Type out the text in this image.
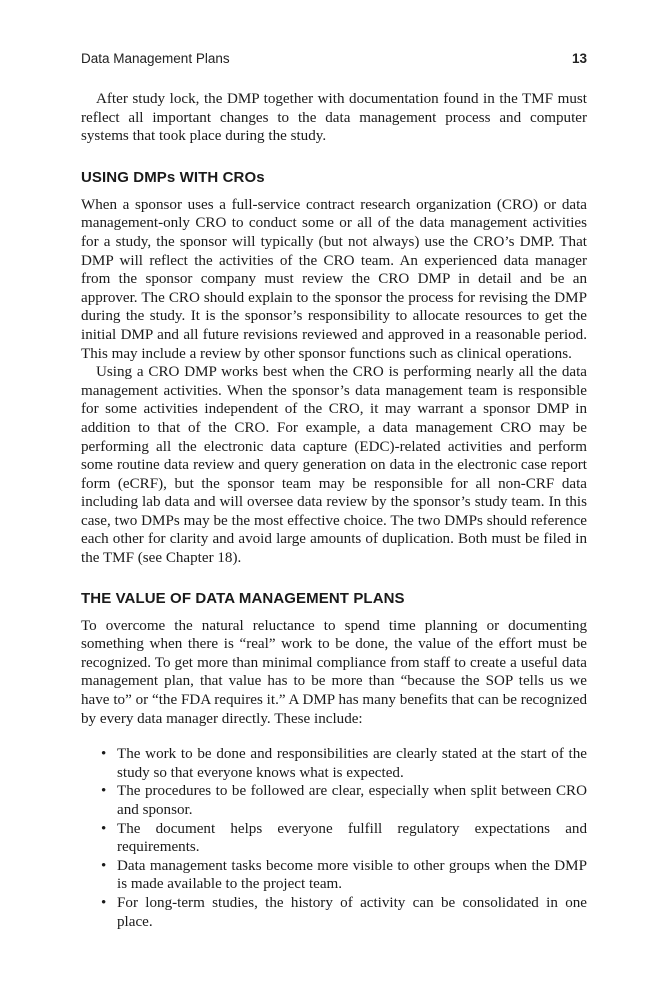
Data Management Plans	13

After study lock, the DMP together with documentation found in the TMF must reflect all important changes to the data management process and computer systems that took place during the study.

USING DMPs WITH CROs

When a sponsor uses a full-service contract research organization (CRO) or data management-only CRO to conduct some or all of the data management activities for a study, the sponsor will typically (but not always) use the CRO’s DMP. That DMP will reflect the activities of the CRO team. An experienced data manager from the sponsor company must review the CRO DMP in detail and be an approver. The CRO should explain to the sponsor the process for revising the DMP during the study. It is the sponsor’s responsibility to allocate resources to get the initial DMP and all future revisions reviewed and approved in a reasonable period. This may include a review by other sponsor functions such as clinical operations.

Using a CRO DMP works best when the CRO is performing nearly all the data management activities. When the sponsor’s data management team is responsible for some activities independent of the CRO, it may warrant a sponsor DMP in addition to that of the CRO. For example, a data management CRO may be performing all the electronic data capture (EDC)-related activities and perform some routine data review and query generation on data in the electronic case report form (eCRF), but the sponsor team may be responsible for all non-CRF data including lab data and will oversee data review by the sponsor’s study team. In this case, two DMPs may be the most effective choice. The two DMPs should reference each other for clarity and avoid large amounts of duplication. Both must be filed in the TMF (see Chapter 18).

THE VALUE OF DATA MANAGEMENT PLANS

To overcome the natural reluctance to spend time planning or documenting something when there is “real” work to be done, the value of the effort must be recognized. To get more than minimal compliance from staff to create a useful data management plan, that value has to be more than “because the SOP tells us we have to” or “the FDA requires it.” A DMP has many benefits that can be recognized by every data manager directly. These include:

• The work to be done and responsibilities are clearly stated at the start of the study so that everyone knows what is expected.
• The procedures to be followed are clear, especially when split between CRO and sponsor.
• The document helps everyone fulfill regulatory expectations and requirements.
• Data management tasks become more visible to other groups when the DMP is made available to the project team.
• For long-term studies, the history of activity can be consolidated in one place.
